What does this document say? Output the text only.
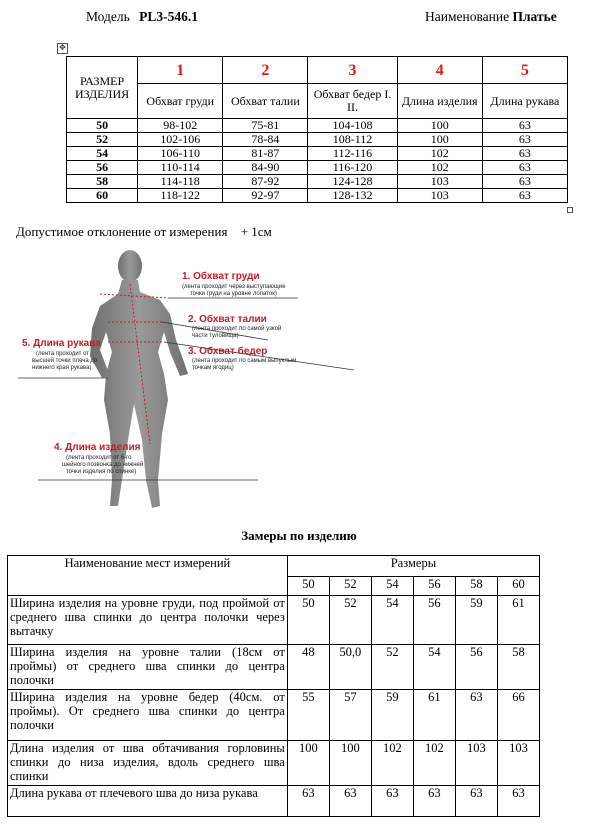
Модель PL3-546.1	Наименование Платье
✥
РАЗМЕР ИЗДЕЛИЯ	1	2	3	4	5
	Обхват груди	Обхват талии	Обхват бедер I. II.	Длина изделия	Длина рукава
50	98-102	75-81	104-108	100	63
52	102-106	78-84	108-112	100	63
54	106-110	81-87	112-116	102	63
56	110-114	84-90	116-120	102	63
58	114-118	87-92	124-128	103	63
60	118-122	92-97	128-132	103	63
Допустимое отклонение от измерения + 1см
1. Обхват груди
(лента проходит через выступающие
точки груди на уровне лопаток)
2. Обхват талии
(лента проходит по самой узкой
части туловища)
3. Обхват бедер
(лента проходит по самым выпуклым
точкам ягодиц)
5. Длина рукава
(лента проходит от
высшей точки плеча до
нижнего края рукава)
4. Длина изделия
(лента проходит от 6-го
шейного позвонка до нижней
точки изделия по спинке)
Замеры по изделию
Наименование мест измерений	Размеры					
	50	52	54	56	58	60
Ширина изделия на уровне груди, под проймой от среднего шва спинки до центра полочки через вытачку	50	52	54	56	59	61
Ширина изделия на уровне талии (18см от проймы) от среднего шва спинки до центра полочки	48	50,0	52	54	56	58
Ширина изделия на уровне бедер (40см. от проймы). От среднего шва спинки до центра полочки	55	57	59	61	63	66
Длина изделия от шва обтачивания горловины спинки до низа изделия, вдоль среднего шва спинки	100	100	102	102	103	103
Длина рукава от плечевого шва до низа рукава	63	63	63	63	63	63
